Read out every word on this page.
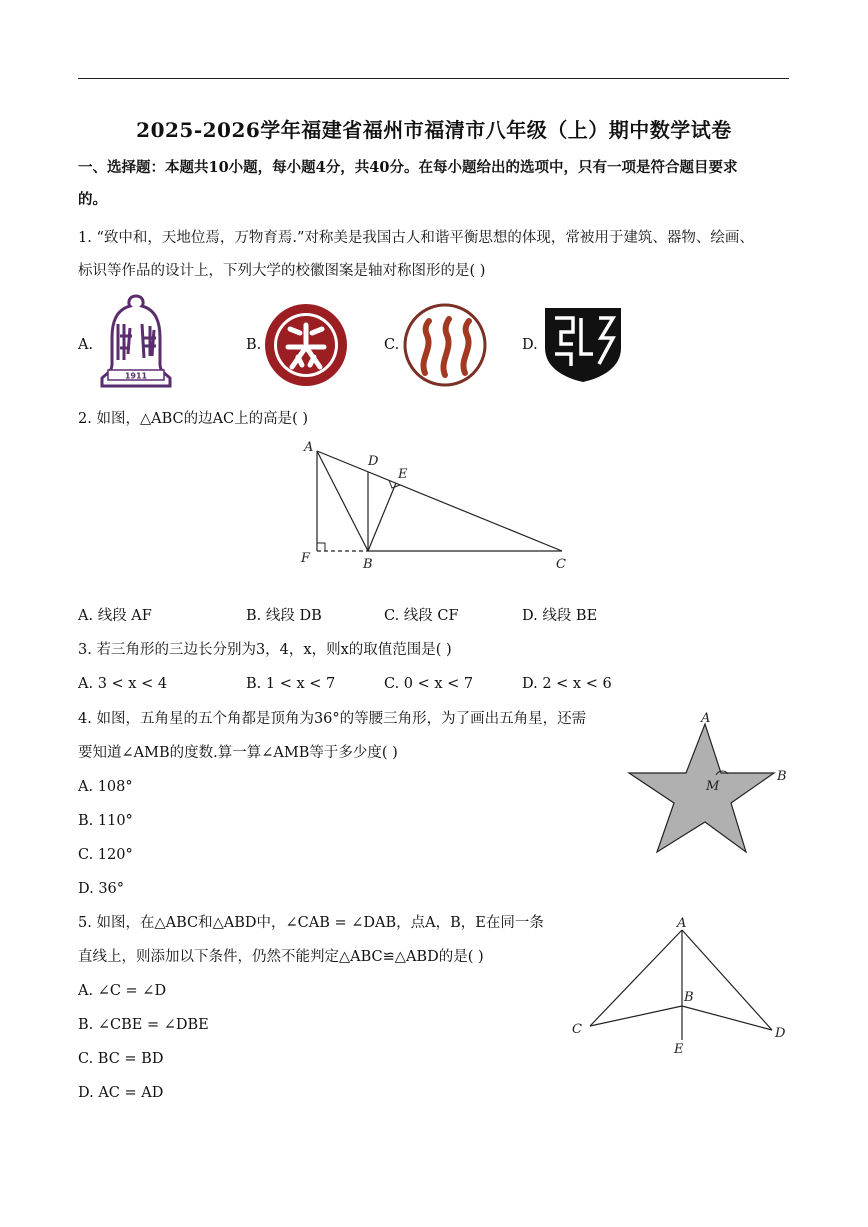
2025-2026学年福建省福州市福清市八年级（上）期中数学试卷
一、选择题：本题共10小题，每小题4分，共40分。在每小题给出的选项中，只有一项是符合题目要求
的。
1. “致中和，天地位焉，万物育焉.”对称美是我国古人和谐平衡思想的体现，常被用于建筑、器物、绘画、
标识等作品的设计上，下列大学的校徽图案是轴对称图形的是( )
A.	B.	C.	D.
1911
2. 如图，△ABC的边AC上的高是( )
A
D
E
F	B	C
A. 线段 AF	B. 线段 DB	C. 线段 CF	D. 线段 BE
3. 若三角形的三边长分别为3，4，x，则x的取值范围是( )
A. 3 < x < 4	B. 1 < x < 7	C. 0 < x < 7	D. 2 < x < 6
4. 如图，五角星的五个角都是顶角为36°的等腰三角形，为了画出五角星，还需
要知道∠AMB的度数.算一算∠AMB等于多少度( )
A. 108°
B. 110°
C. 120°
D. 36°
A
M
B
5. 如图，在△ABC和△ABD中，∠CAB = ∠DAB，点A，B，E在同一条
直线上，则添加以下条件，仍然不能判定△ABC≌△ABD的是( )
A. ∠C = ∠D
B. ∠CBE = ∠DBE
C. BC = BD
D. AC = AD
A
B
C	D
E
